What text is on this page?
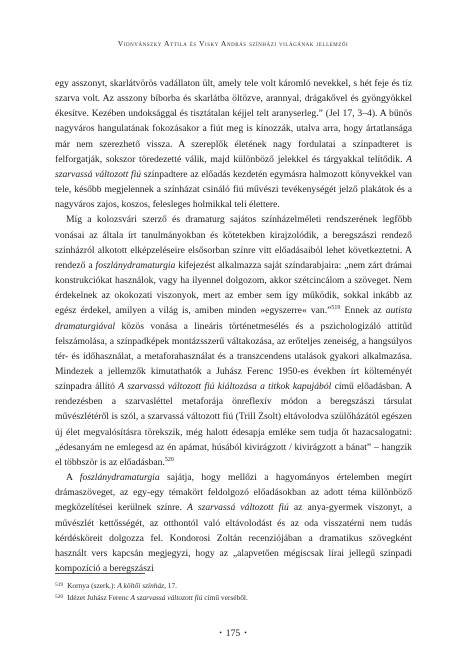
Vidnyánszky Attila és Visky András színházi világának jellemzői

egy asszonyt, skarlátvörös vadállaton ült, amely tele volt káromló nevekkel, s hét feje és tíz szarva volt. Az asszony bíborba és skarlátba öltözve, arannyal, drágakővel és gyöngyökkel ékesítve. Kezében undoksággal és tisztátalan kéjjel telt aranyserleg.” (Jel 17, 3–4). A bűnös nagyváros hangulatának fokozásakor a fiút meg is kínozzák, utalva arra, hogy ártatlansága már nem szerezhető vissza. A szereplők életének nagy fordulatai a színpadteret is felforgatják, sokszor töredezetté válik, majd különböző jelekkel és tárgyakkal telítődik. A szarvassá változott fiú színpadtere az előadás kezdetén egymásra halmozott könyvekkel van tele, később megjelennek a színházat csináló fiú művészi tevékenységét jelző plakátok és a nagyváros zajos, koszos, felesleges holmikkal teli élettere.

Míg a kolozsvári szerző és dramaturg sajátos színházelméleti rendszerének legfőbb vonásai az általa írt tanulmányokban és kötetekben kirajzolódik, a beregszászi rendező színházról alkotott elképzeléseire elsősorban színre vitt előadásaiból lehet következtetni. A rendező a foszlánydramaturgia kifejezést alkalmazza saját színdarabjaira: „nem zárt drámai konstrukciókat használok, vagy ha ilyennel dolgozom, akkor szétcincálom a szöveget. Nem érdekelnek az okokozati viszonyok, mert az ember sem így működik, sokkal inkább az egész érdekel, amilyen a világ is, amiben minden »egyszerre« van.”$^{519}$ Ennek az autista dramaturgiával közös vonása a lineáris történetmesélés és a pszichologizáló attitűd felszámolása, a színpadképek montázsszerű váltakozása, az erőteljes zeneiség, a hangsúlyos tér- és időhasználat, a metaforahasználat és a transzcendens utalások gyakori alkalmazása. Mindezek a jellemzők kimutathatók a Juhász Ferenc 1950-es években írt költeményét színpadra állító A szarvassá változott fiú kiáltozása a titkok kapujából című előadásban. A rendezésben a szarvasléttel metaforája önreflexív módon a beregszászi társulat művészlétéről is szól, a szarvassá változott fiú (Trill Zsolt) eltávolodva szülőházától egészen új élet megvalósításra törekszik, még halott édesapja emléke sem tudja őt hazacsalogatni: „édesanyám ne emlegesd az én apámat, húsából kivirágzott / kivirágzott a bánat” – hangzik el többször is az előadásban.$^{520}$

A foszlánydramaturgia sajátja, hogy mellőzi a hagyományos értelemben megírt drámaszöveget, az egy-egy témakört feldolgozó előadásokban az adott téma különböző megközelítései kerülnek színre. A szarvassá változott fiú az anya-gyermek viszonyt, a művészlét kettősségét, az otthontól való eltávolodást és az oda visszatérni nem tudás kérdésköreit dolgozza fel. Kondorosi Zoltán recenziójában a dramatikus szövegként használt vers kapcsán megjegyzi, hogy az „alapvetően mégiscsak lírai jellegű színpadi kompozíció a beregszászi

$^{519}$ Kornya (szerk.): A költői színház, 17.
$^{520}$ Idézet Juhász Ferenc A szarvassá változott fiú című verséből.
• 175 •
